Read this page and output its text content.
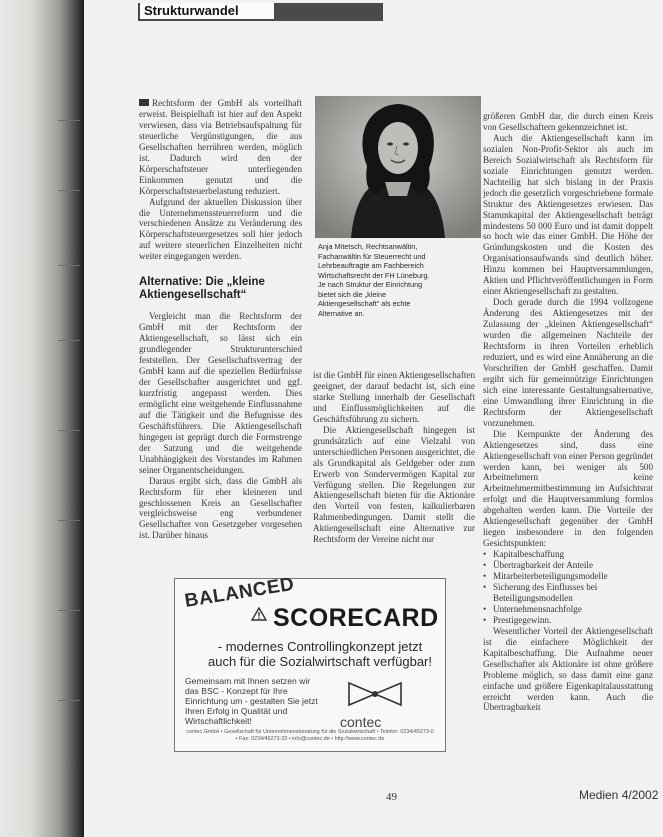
Strukturwandel

Rechtsform der GmbH als vorteilhaft erweist. Beispielhaft ist hier auf den Aspekt verwiesen, dass via Betriebsaufspaltung für steuerliche Vergünstigungen, die aus Gesellschaften herrühren werden, möglich ist. Dadurch wird den der Körperschaftsteuer unterliegenden Einkommen genutzt und die Körperschaftsteuerbelastung reduziert.

Aufgrund der aktuellen Diskussion über die Unternehmenssteuerreform und die verschiedenen Ansätze zu Veränderung des Körperschaftsteuergesetzes soll hier jedoch auf weitere steuerlichen Einzelheiten nicht weiter eingegangen werden.

Alternative: Die „kleine Aktiengesellschaft“

Vergleicht man die Rechtsform der GmbH mit der Rechtsform der Aktiengesellschaft, so lässt sich ein grundlegender Strukturunterschied feststellen. Der Gesellschaftsvertrag der GmbH kann auf die speziellen Bedürfnisse der Gesellschafter ausgerichtet und ggf. kurzfristig angepasst werden. Dies ermöglicht eine weitgehende Einflussnahme auf die Tätigkeit und die Befugnisse des Geschäftsführers. Die Aktiengesellschaft hingegen ist geprägt durch die Formstrenge der Satzung und die weitgehende Unabhängigkeit des Vorstandes im Rahmen seiner Organentscheidungen.

Daraus ergibt sich, dass die GmbH als Rechtsform für eher kleineren und geschlossenen Kreis an Gesellschafter vergleichsweise eng verbundener Gesellschafter von Gesetzgeber vorgesehen ist. Darüber hinaus

Anja Mitetsch, Rechtsanwältin, Fachanwältin für Steuerrecht und Lehrbeauftragte am Fachbereich Wirtschaftsrecht der FH Lüneburg. Je nach Struktur der Einrichtung bietet sich die „kleine Aktiengesellschaft“ als echte Alternative an.

ist die GmbH für einen Aktiengesellschaften geeignet, der darauf bedacht ist, sich eine starke Stellung innerhalb der Gesellschaft und Einflussmöglichkeiten auf die Geschäftsführung zu sichern.

Die Aktiengesellschaft hingegen ist grundsätzlich auf eine Vielzahl von unterschiedlichen Personen ausgerichtet, die als Grundkapital als Geldgeber oder zum Erwerb von Sondervermögen Kapital zur Verfügung stellen. Die Regelungen zur Aktiengesellschaft bieten für die Aktionäre den Vorteil von festen, kalkulierbaren Rahmenbedingungen. Damit stellt die Aktiengesellschaft eine Alternative zur Rechtsform der Vereine nicht nur

größeren GmbH dar, die durch einen Kreis von Gesellschaftern gekennzeichnet ist.

Auch die Aktiengesellschaft kann im sozialen Non-Profit-Sektor als auch im Bereich Sozialwirtschaft als Rechtsform für soziale Einrichtungen genutzt werden. Nachteilig hat sich bislang in der Praxis jedoch die gesetzlich vorgeschriebene formale Struktur des Aktiengesetzes erwiesen. Das Stammkapital der Aktiengesellschaft beträgt mindestens 50 000 Euro und ist damit doppelt so hoch wie das einer GmbH. Die Höhe der Gründungskosten und die Kosten des Organisationsaufwands sind deutlich höher. Hinzu kommen bei Hauptversammlungen, Aktien und Pflichtveröffentlichungen in Form einer Aktiengesellschaft zu gestalten.

Doch gerade durch die 1994 vollzogene Änderung des Aktiengesetzes mit der Zulassung der „kleinen Aktiengesellschaft“ wurden die allgemeinen Nachteile der Rechtsform in ihren Vorteilen erheblich reduziert, und es wird eine Annäherung an die Vorschriften der GmbH geschaffen. Damit ergibt sich für gemeinnützige Einrichtungen sich eine interessante Gestaltungsalternative, eine Umwandlung ihrer Einrichtung in die Rechtsform der Aktiengesellschaft vorzunehmen.

Die Kernpunkte der Änderung des Aktiengesetzes sind, dass eine Aktiengesellschaft von einer Person gegründet werden kann, bei weniger als 500 Arbeitnehmern keine Arbeitnehmermitbestimmung im Aufsichtsrat erfolgt und die Hauptversammlung formlos abgehalten werden kann. Die Vorteile der Aktiengesellschaft gegenüber der GmbH liegen insbesondere in den folgenden Gesichtspunkten:

• Kapitalbeschaffung
• Übertragbarkeit der Anteile
• Mitarbeiterbeteiligungsmodelle
• Sicherung des Einflusses bei Beteiligungsmodellen
• Unternehmensnachfolge
• Prestigegewinn.

Wesentlicher Vorteil der Aktiengesellschaft ist die einfachere Möglichkeit der Kapitalbeschaffung. Die Aufnahme neuer Gesellschafter als Aktionäre ist ohne größere Probleme möglich, so dass damit eine ganz einfache und größere Eigenkapitalausstattung erreicht werden kann. Auch die Übertragbarkeit

BALANCED
SCORECARD
- modernes Controllingkonzept jetzt auch für die Sozialwirtschaft verfügbar!
Gemeinsam mit Ihnen setzen wir das BSC - Konzept für Ihre Einrichtung um - gestalten Sie jetzt Ihren Erfolg in Qualität und Wirtschaftlichkeit!	contec
contec GmbH • Gesellschaft für Unternehmensberatung für die Sozialwirtschaft • Telefon: 0234/45273-0 • Fax: 0234/45273-33 • info@contec.de • http://www.contec.de
49	Medien 4/2002
